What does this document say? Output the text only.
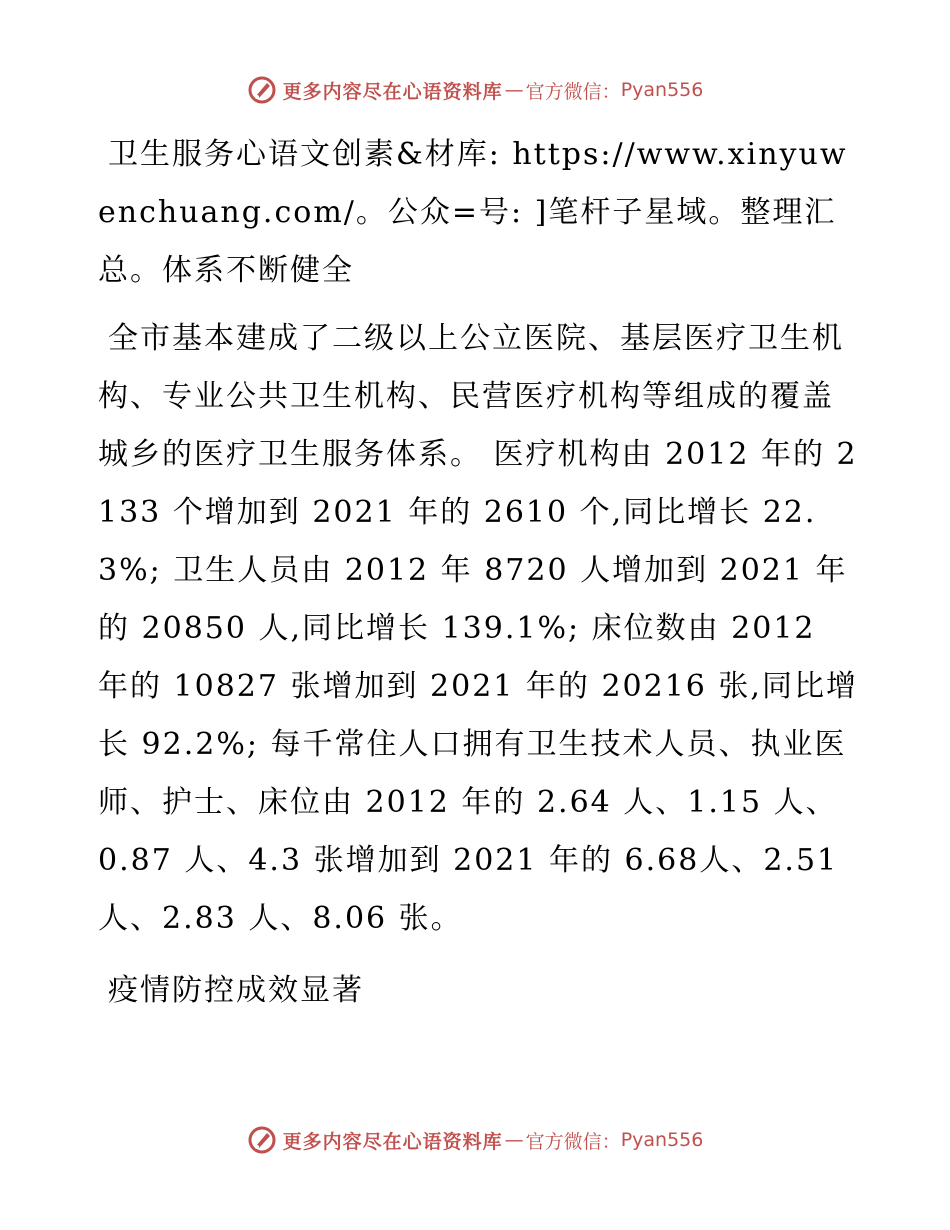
更多内容尽在心语资料库 — 官方微信： Pyan556

卫生服务心语文创素&材库: https://www.xinyuwenchuang.com/。公众=号: ]笔杆子星域。整理汇总。体系不断健全

全市基本建成了二级以上公立医院、基层医疗卫生机构、专业公共卫生机构、民营医疗机构等组成的覆盖城乡的医疗卫生服务体系。 医疗机构由 2012 年的 2133 个增加到 2021 年的 2610 个,同比增长 22.3%; 卫生人员由 2012 年 8720 人增加到 2021 年的 20850 人,同比增长 139.1%; 床位数由 2012 年的 10827 张增加到 2021 年的 20216 张,同比增长 92.2%; 每千常住人口拥有卫生技术人员、执业医师、护士、床位由 2012 年的 2.64 人、1.15 人、0.87 人、4.3 张增加到 2021 年的 6.68人、2.51 人、2.83 人、8.06 张。

疫情防控成效显著

更多内容尽在心语资料库 — 官方微信： Pyan556
